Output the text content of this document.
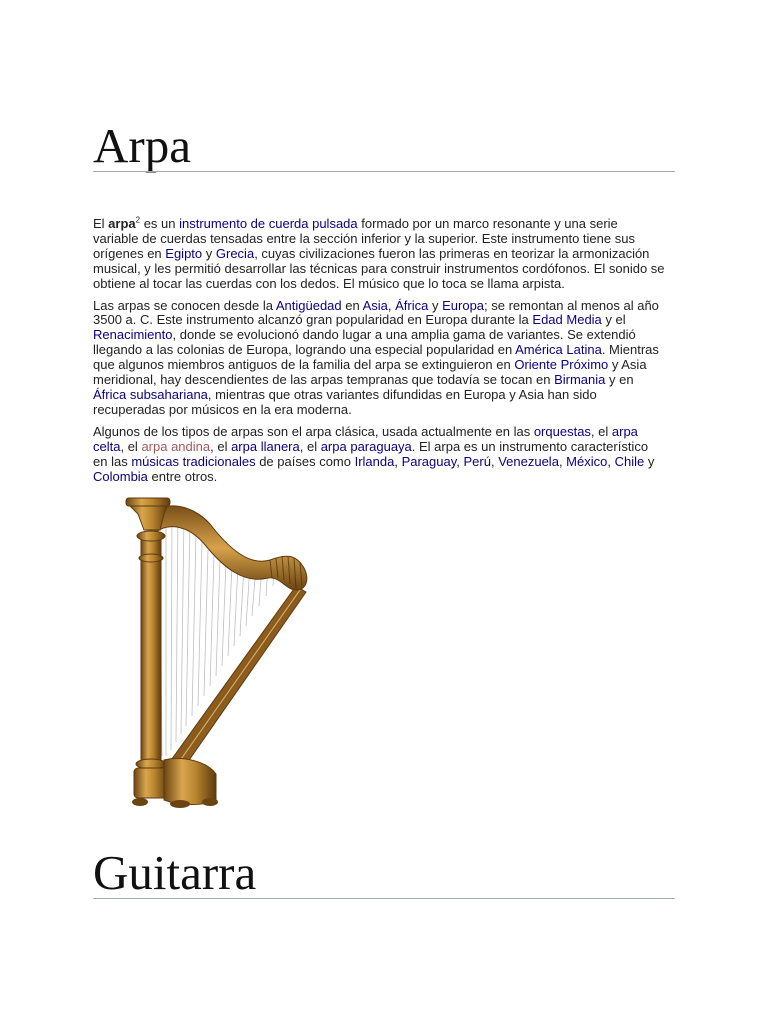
Arpa

El arpa$^2$ es un instrumento de cuerda pulsada formado por un marco resonante y una serie variable de cuerdas tensadas entre la sección inferior y la superior. Este instrumento tiene sus orígenes en Egipto y Grecia, cuyas civilizaciones fueron las primeras en teorizar la armonización musical, y les permitió desarrollar las técnicas para construir instrumentos cordófonos. El sonido se obtiene al tocar las cuerdas con los dedos. El músico que lo toca se llama arpista.

Las arpas se conocen desde la Antigüedad en Asia, África y Europa; se remontan al menos al año 3500 a. C. Este instrumento alcanzó gran popularidad en Europa durante la Edad Media y el Renacimiento, donde se evolucionó dando lugar a una amplia gama de variantes. Se extendió llegando a las colonias de Europa, logrando una especial popularidad en América Latina. Mientras que algunos miembros antiguos de la familia del arpa se extinguieron en Oriente Próximo y Asia meridional, hay descendientes de las arpas tempranas que todavía se tocan en Birmania y en África subsahariana, mientras que otras variantes difundidas en Europa y Asia han sido recuperadas por músicos en la era moderna.

Algunos de los tipos de arpas son el arpa clásica, usada actualmente en las orquestas, el arpa celta, el arpa andina, el arpa llanera, el arpa paraguaya. El arpa es un instrumento característico en las músicas tradicionales de países como Irlanda, Paraguay, Perú, Venezuela, México, Chile y Colombia entre otros.

Guitarra
